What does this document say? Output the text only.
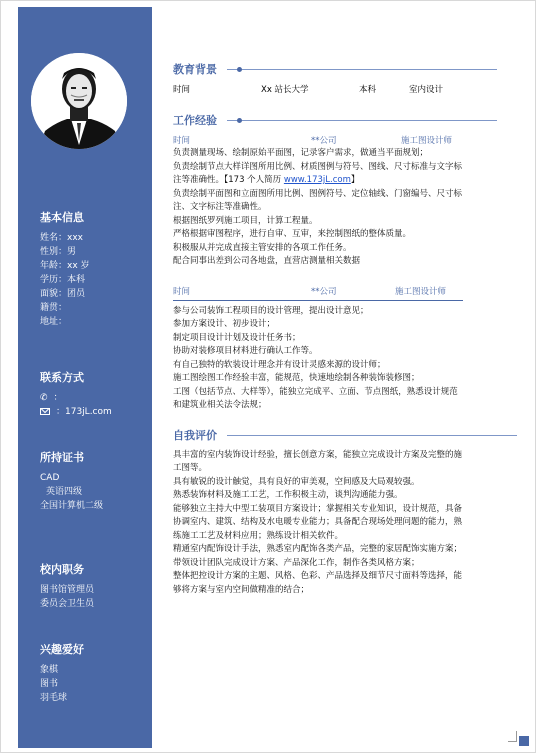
基本信息
姓名：xxx
性别：男
年龄：xx 岁
学历：本科
面貌：团员
籍贯：
地址：
联系方式
✆ ：
：173jL.com
所持证书
CAD
英语四级
全国计算机二级
校内职务
图书馆管理员
委员会卫生员
兴趣爱好
象棋
图书
羽毛球
教育背景
时间	Xx 站长大学	本科	室内设计
工作经验
时间	**公司	施工图设计师

负责测量现场、绘制原始平面图，记录客户需求，做通当平面规划；

负责绘制节点大样详图所用比例、材质图例与符号、图线、尺寸标准与文字标

注等准确性。【173 个人简历 www.173jL.com】

负责绘制平面图和立面图所用比例、图例符号、定位轴线、门窗编号、尺寸标

注、文字标注等准确性。

根据图纸罗列施工项目，计算工程量。

严格根据审图程序，进行自审、互审，来控制图纸的整体质量。

积极服从并完成直接主管安排的各项工作任务。

配合同事出差到公司各地盘，直营店测量相关数据

时间	**公司	施工图设计师

参与公司装饰工程项目的设计管理，提出设计意见；

参加方案设计、初步设计；

制定项目设计计划及设计任务书；

协助对装修项目材料进行确认工作等。

有自己独特的软装设计理念并有设计灵感来源的设计师；

施工图绘图工作经验丰富，能规范，快速地绘制各种装饰装修图；

工图（包括节点、大样等），能独立完成平、立面、节点图纸，熟悉设计规范

和建筑业相关法令法规；

自我评价

具丰富的室内装饰设计经验，擅长创意方案，能独立完成设计方案及完整的施

工图等。

具有敏锐的设计触觉，具有良好的审美观，空间感及大局观较强。

熟悉装饰材料及施工工艺，工作积极主动，谈判沟通能力强。

能够独立主持大中型工装项目方案设计；掌握相关专业知识，设计规范，具备

协调室内、建筑、结构及水电暖专业能力；具备配合现场处理问题的能力，熟

练施工工艺及材料应用；熟练设计相关软件。

精通室内配饰设计手法，熟悉室内配饰各类产品，完整的家居配饰实施方案；

带领设计团队完成设计方案、产品深化工作，制作各类风格方案；

整体把控设计方案的主题、风格、色彩、产品选择及细节尺寸面料等选择，能

够将方案与室内空间做精准的结合；
